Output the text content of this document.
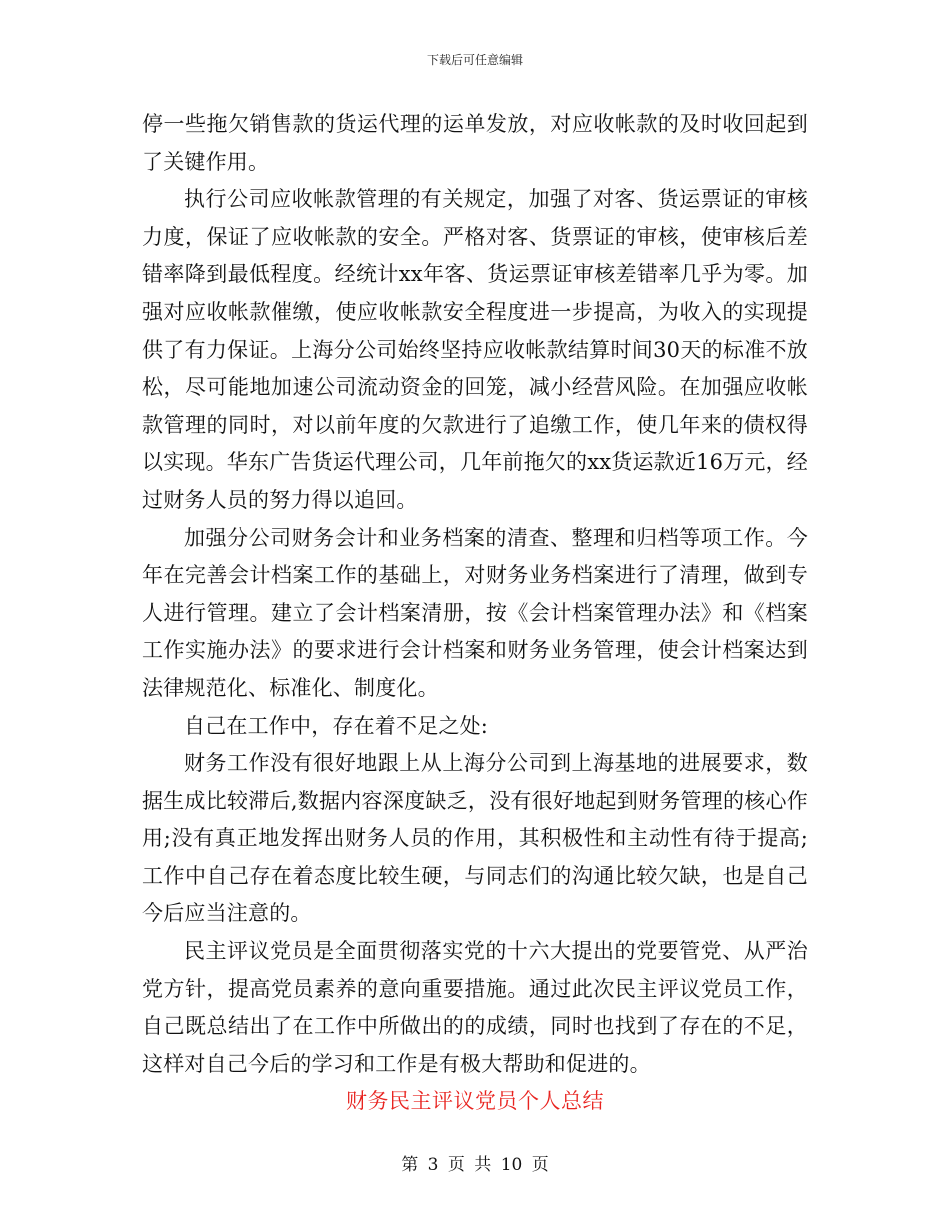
下载后可任意编辑

停一些拖欠销售款的货运代理的运单发放，对应收帐款的及时收回起到了关键作用。

执行公司应收帐款管理的有关规定，加强了对客、货运票证的审核力度，保证了应收帐款的安全。严格对客、货票证的审核，使审核后差错率降到最低程度。经统计xx年客、货运票证审核差错率几乎为零。加强对应收帐款催缴，使应收帐款安全程度进一步提高，为收入的实现提供了有力保证。上海分公司始终坚持应收帐款结算时间30天的标准不放松，尽可能地加速公司流动资金的回笼，减小经营风险。在加强应收帐款管理的同时，对以前年度的欠款进行了追缴工作，使几年来的债权得以实现。华东广告货运代理公司，几年前拖欠的xx货运款近16万元，经过财务人员的努力得以追回。

加强分公司财务会计和业务档案的清查、整理和归档等项工作。今年在完善会计档案工作的基础上，对财务业务档案进行了清理，做到专人进行管理。建立了会计档案清册，按《会计档案管理办法》和《档案工作实施办法》的要求进行会计档案和财务业务管理，使会计档案达到法律规范化、标准化、制度化。

自己在工作中，存在着不足之处:

财务工作没有很好地跟上从上海分公司到上海基地的进展要求，数据生成比较滞后,数据内容深度缺乏，没有很好地起到财务管理的核心作用;没有真正地发挥出财务人员的作用，其积极性和主动性有待于提高;工作中自己存在着态度比较生硬，与同志们的沟通比较欠缺，也是自己今后应当注意的。

民主评议党员是全面贯彻落实党的十六大提出的党要管党、从严治党方针，提高党员素养的意向重要措施。通过此次民主评议党员工作，自己既总结出了在工作中所做出的的成绩，同时也找到了存在的不足，这样对自己今后的学习和工作是有极大帮助和促进的。

财务民主评议党员个人总结

第 3 页 共 10 页
